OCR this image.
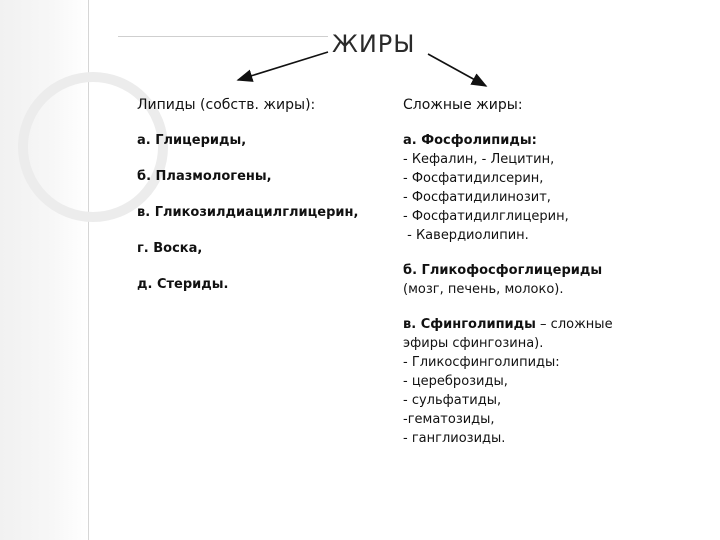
ЖИРЫ
Липиды (собств. жиры):
а. Глицериды,
б. Плазмологены,
в. Гликозилдиацилглицерин,
г. Воска,
д. Стериды.
Сложные жиры:
а. Фосфолипиды:
- Кефалин, - Лецитин,
- Фосфатидилсерин,
- Фосфатидилинозит,
- Фосфатидилглицерин,
- Кавердиолипин.
б. Гликофосфоглицериды
(мозг, печень, молоко).
в. Сфинголипиды – сложные
эфиры сфингозина).
- Гликосфинголипиды:
- цереброзиды,
- сульфатиды,
-гематозиды,
- ганглиозиды.
